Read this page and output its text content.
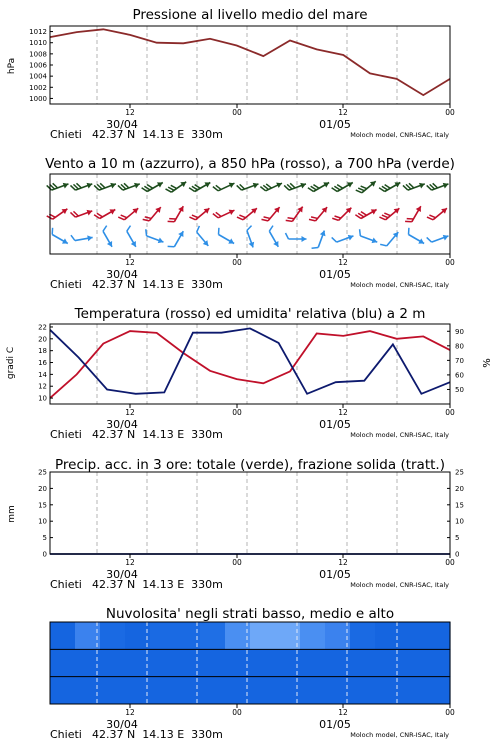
Pressione al livello medio del mare
hPa
1000
1002
1004
1006
1008
1010
1012
12	00	12	00
30/04	01/05
Chieti 42.37 N  14.13 E  330m	Moloch model, CNR-ISAC, Italy
Vento a 10 m (azzurro), a 850 hPa (rosso), a 700 hPa (verde)
12	00	12	00
30/04	01/05
Chieti 42.37 N  14.13 E  330m	Moloch model, CNR-ISAC, Italy
Temperatura (rosso) ed umidita' relativa (blu) a 2 m
gradi C	%
10
12
14
16
18
20
22
50
60
70
80
90
12	00	12	00
30/04	01/05
Chieti 42.37 N  14.13 E  330m	Moloch model, CNR-ISAC, Italy
Precip. acc. in 3 ore: totale (verde), frazione solida (tratt.)
mm
0
5
10
15
20
25
0
5
10
15
20
25
12	00	12	00
30/04	01/05
Chieti 42.37 N  14.13 E  330m	Moloch model, CNR-ISAC, Italy
Nuvolosita' negli strati basso, medio e alto
12	00	12	00
30/04	01/05
Chieti 42.37 N  14.13 E  330m	Moloch model, CNR-ISAC, Italy
